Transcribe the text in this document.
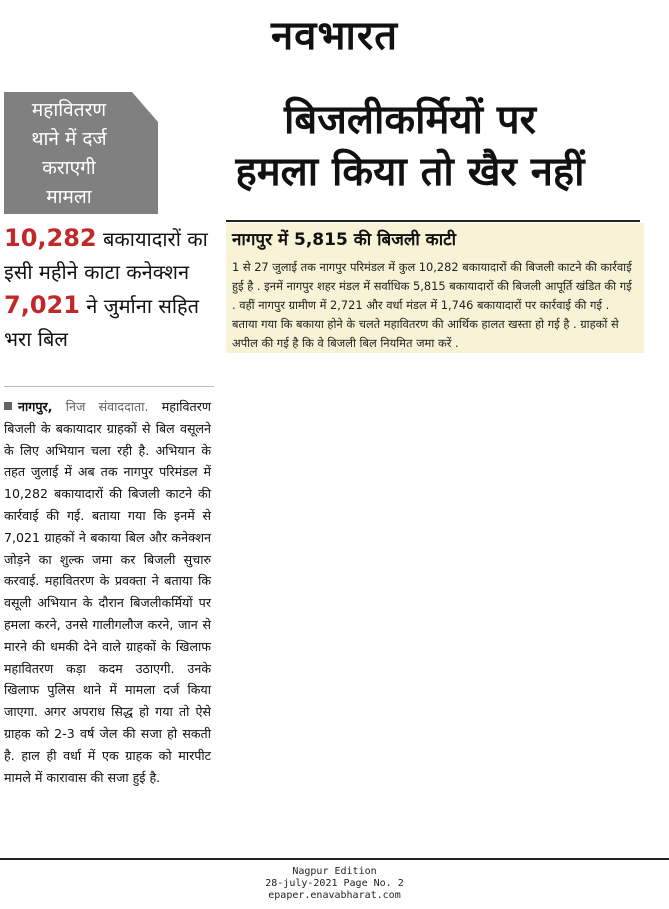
नवभारत
महावितरण
थाने में दर्ज
कराएगी
मामला
बिजलीकर्मियों पर
हमला किया तो खैर नहीं
10,282 बकायादारों का इसी महीने काटा कनेक्शन
7,021 ने जुर्माना सहित भरा बिल
नागपुर में 5,815 की बिजली काटी
1 से 27 जुलाई तक नागपुर परिमंडल में कुल 10,282 बकायादारों की बिजली काटने की कार्रवाई हुई है . इनमें नागपुर शहर मंडल में सर्वाधिक 5,815 बकायादारों की बिजली आपूर्ति खंडित की गई . वहीं नागपुर ग्रामीण में 2,721 और वर्धा मंडल में 1,746 बकायादारों पर कार्रवाई की गई . बताया गया कि बकाया होने के चलते महावितरण की आर्थिक हालत खस्ता हो गई है . ग्राहकों से अपील की गई है कि वे बिजली बिल नियमित जमा करें .
नागपुर, निज संवाददाता. महावितरण बिजली के बकायादार ग्राहकों से बिल वसूलने के लिए अभियान चला रही है. अभियान के तहत जुलाई में अब तक नागपुर परिमंडल में 10,282 बकायादारों की बिजली काटने की कार्रवाई की गई. बताया गया कि इनमें से 7,021 ग्राहकों ने बकाया बिल और कनेक्शन जोड़ने का शुल्क जमा कर बिजली सुचारु करवाई. महावितरण के प्रवक्ता ने बताया कि वसूली अभियान के दौरान बिजलीकर्मियों पर हमला करने, उनसे गालीगलौज करने, जान से मारने की धमकी देने वाले ग्राहकों के खिलाफ महावितरण कड़ा कदम उठाएगी. उनके खिलाफ पुलिस थाने में मामला दर्ज किया जाएगा. अगर अपराध सिद्ध हो गया तो ऐसे ग्राहक को 2-3 वर्ष जेल की सजा हो सकती है. हाल ही वर्धा में एक ग्राहक को मारपीट मामले में कारावास की सजा हुई है.
Nagpur Edition
28-july-2021 Page No. 2
epaper.enavabharat.com
